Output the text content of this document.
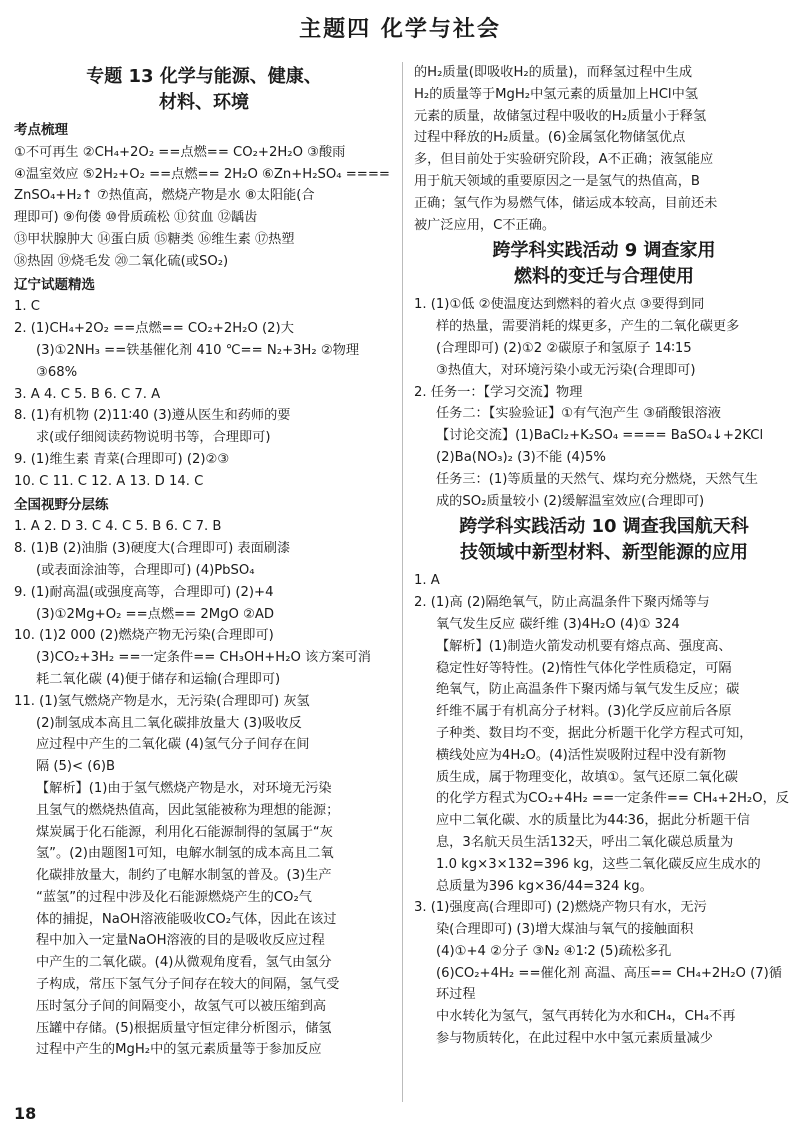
主题四 化学与社会
专题 13 化学与能源、健康、
材料、环境
考点梳理
①不可再生 ②CH₄+2O₂ ==点燃== CO₂+2H₂O ③酸雨
④温室效应 ⑤2H₂+O₂ ==点燃== 2H₂O ⑥Zn+H₂SO₄ ====
ZnSO₄+H₂↑ ⑦热值高，燃烧产物是水 ⑧太阳能(合
理即可) ⑨佝偻 ⑩骨质疏松 ⑪贫血 ⑫龋齿
⑬甲状腺肿大 ⑭蛋白质 ⑮糖类 ⑯维生素 ⑰热塑
⑱热固 ⑲烧毛发 ⑳二氧化硫(或SO₂)
辽宁试题精选
1. C
2. (1)CH₄+2O₂ ==点燃== CO₂+2H₂O (2)大
(3)①2NH₃ ==铁基催化剂 410 ℃== N₂+3H₂ ②物理 ③68%
3. A 4. C 5. B 6. C 7. A
8. (1)有机物 (2)11∶40 (3)遵从医生和药师的要
求(或仔细阅读药物说明书等，合理即可)
9. (1)维生素 青菜(合理即可) (2)②③
10. C 11. C 12. A 13. D 14. C
全国视野分层练
1. A 2. D 3. C 4. C 5. B 6. C 7. B
8. (1)B (2)油脂 (3)硬度大(合理即可) 表面刷漆
(或表面涂油等，合理即可) (4)PbSO₄
9. (1)耐高温(或强度高等，合理即可) (2)+4
(3)①2Mg+O₂ ==点燃== 2MgO ②AD
10. (1)2 000 (2)燃烧产物无污染(合理即可)
(3)CO₂+3H₂ ==一定条件== CH₃OH+H₂O 该方案可消
耗二氧化碳 (4)便于储存和运输(合理即可)
11. (1)氢气燃烧产物是水，无污染(合理即可) 灰氢
(2)制氢成本高且二氧化碳排放量大 (3)吸收反
应过程中产生的二氧化碳 (4)氢气分子间存在间
隔 (5)< (6)B
【解析】(1)由于氢气燃烧产物是水，对环境无污染
且氢气的燃烧热值高，因此氢能被称为理想的能源；
煤炭属于化石能源，利用化石能源制得的氢属于“灰
氢”。(2)由题图1可知，电解水制氢的成本高且二氧
化碳排放量大，制约了电解水制氢的普及。(3)生产
“蓝氢”的过程中涉及化石能源燃烧产生的CO₂气
体的捕捉，NaOH溶液能吸收CO₂气体，因此在该过
程中加入一定量NaOH溶液的目的是吸收反应过程
中产生的二氧化碳。(4)从微观角度看，氢气由氢分
子构成，常压下氢气分子间存在较大的间隔，氢气受
压时氢分子间的间隔变小，故氢气可以被压缩到高
压罐中存储。(5)根据质量守恒定律分析图示，储氢
过程中产生的MgH₂中的氢元素质量等于参加反应
的H₂质量(即吸收H₂的质量)，而释氢过程中生成
H₂的质量等于MgH₂中氢元素的质量加上HCl中氢
元素的质量，故储氢过程中吸收的H₂质量小于释氢
过程中释放的H₂质量。(6)金属氢化物储氢优点
多，但目前处于实验研究阶段，A不正确；液氢能应
用于航天领域的重要原因之一是氢气的热值高，B
正确；氢气作为易燃气体，储运成本较高，目前还未
被广泛应用，C不正确。
跨学科实践活动 9 调查家用
燃料的变迁与合理使用
1. (1)①低 ②使温度达到燃料的着火点 ③要得到同
样的热量，需要消耗的煤更多，产生的二氧化碳更多
(合理即可) (2)①2 ②碳原子和氢原子 14∶15
③热值大，对环境污染小或无污染(合理即可)
2. 任务一：【学习交流】物理
任务二：【实验验证】①有气泡产生 ③硝酸银溶液
【讨论交流】(1)BaCl₂+K₂SO₄ ==== BaSO₄↓+2KCl
(2)Ba(NO₃)₂ (3)不能 (4)5%
任务三：(1)等质量的天然气、煤均充分燃烧，天然气生
成的SO₂质量较小 (2)缓解温室效应(合理即可)
跨学科实践活动 10 调查我国航天科
技领域中新型材料、新型能源的应用
1. A
2. (1)高 (2)隔绝氧气，防止高温条件下聚丙烯等与
氧气发生反应 碳纤维 (3)4H₂O (4)① 324
【解析】(1)制造火箭发动机要有熔点高、强度高、
稳定性好等特性。(2)惰性气体化学性质稳定，可隔
绝氧气，防止高温条件下聚丙烯与氧气发生反应；碳
纤维不属于有机高分子材料。(3)化学反应前后各原
子种类、数目均不变，据此分析题干化学方程式可知，
横线处应为4H₂O。(4)活性炭吸附过程中没有新物
质生成，属于物理变化，故填①。氢气还原二氧化碳
的化学方程式为CO₂+4H₂ ==一定条件== CH₄+2H₂O，反
应中二氧化碳、水的质量比为44∶36，据此分析题干信
息，3名航天员生活132天，呼出二氧化碳总质量为
1.0 kg×3×132=396 kg，这些二氧化碳反应生成水的
总质量为396 kg×36/44=324 kg。
3. (1)强度高(合理即可) (2)燃烧产物只有水，无污
染(合理即可) (3)增大煤油与氧气的接触面积
(4)①+4 ②分子 ③N₂ ④1∶2 (5)疏松多孔
(6)CO₂+4H₂ ==催化剂 高温、高压== CH₄+2H₂O (7)循环过程
中水转化为氢气，氢气再转化为水和CH₄，CH₄不再
参与物质转化，在此过程中水中氢元素质量减少
18
